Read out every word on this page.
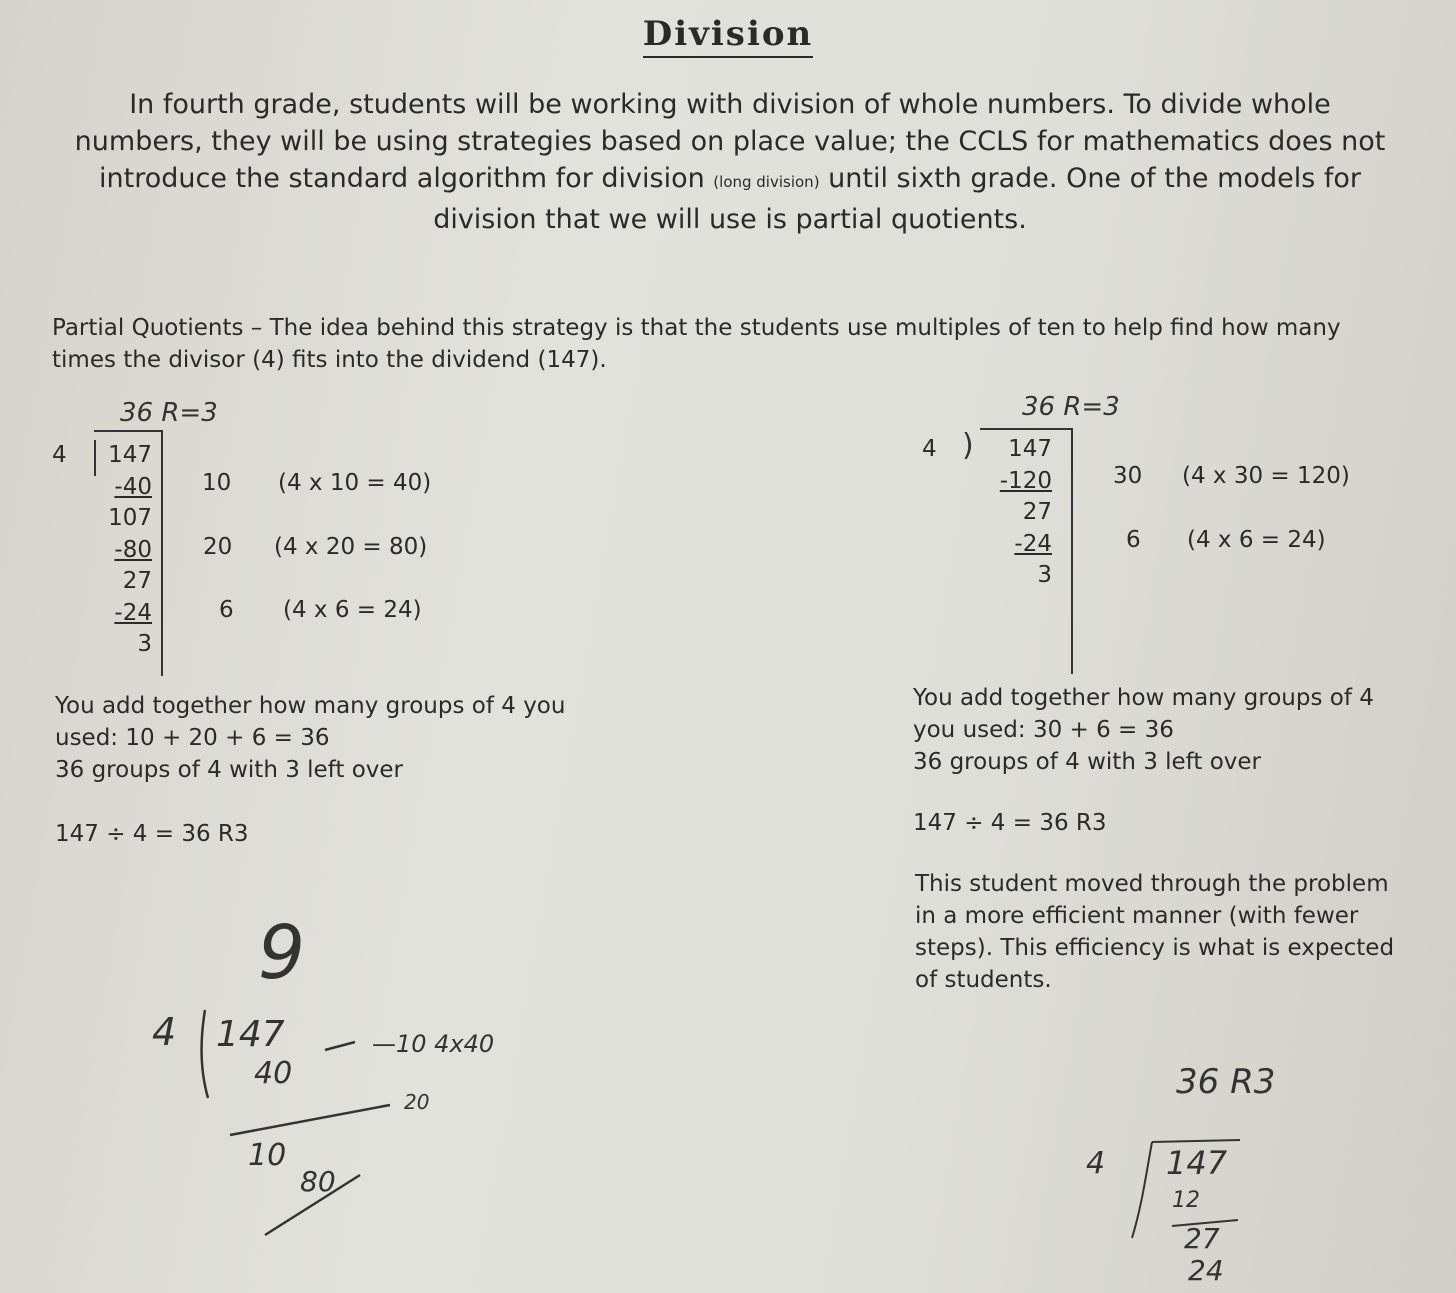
Division
In fourth grade, students will be working with division of whole numbers. To divide whole numbers, they will be using strategies based on place value; the CCLS for mathematics does not introduce the standard algorithm for division (long division) until sixth grade. One of the models for division that we will use is partial quotients.
Partial Quotients – The idea behind this strategy is that the students use multiples of ten to help find how many times the divisor (4) fits into the dividend (147).
36 R=3
4	147
-40
107
-80
27
-24
3
10 (4 x 10 = 40)
20 (4 x 20 = 80)
6 (4 x 6 = 24)
You add together how many groups of 4 you
used: 10 + 20 + 6 = 36
36 groups of 4 with 3 left over
147 ÷ 4 = 36 R3
36 R=3
4 )	147
-120
27
-24
3
30 (4 x 30 = 120)
6 (4 x 6 = 24)
You add together how many groups of 4
you used: 30 + 6 = 36
36 groups of 4 with 3 left over
147 ÷ 4 = 36 R3
This student moved through the problem in a more efficient manner (with fewer steps). This efficiency is what is expected of students.
9
4 147
40
—10 4x40
20
10
80
36 R3
4 147
12
27
24
